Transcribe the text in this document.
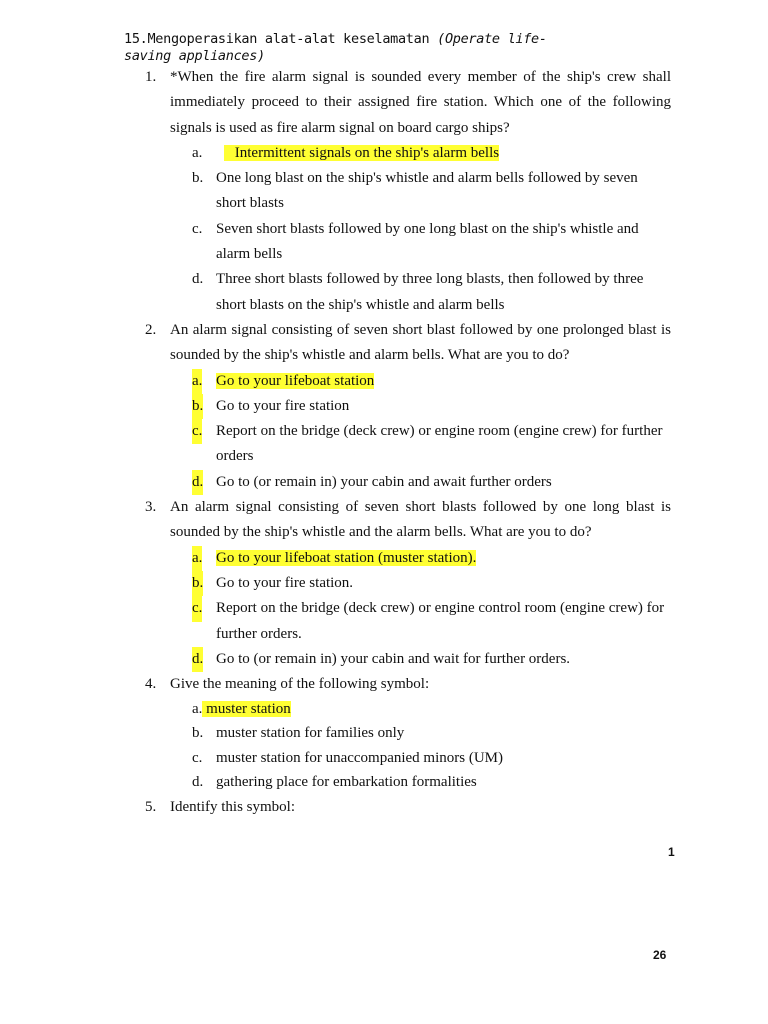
15.Mengoperasikan alat-alat keselamatan (Operate life-saving appliances)
1. *When the fire alarm signal is sounded every member of the ship's crew shall immediately proceed to their assigned fire station. Which one of the following signals is used as fire alarm signal on board cargo ships?
a.	Intermittent signals on the ship's alarm bells
b. One long blast on the ship's whistle and alarm bells followed by seven short blasts
c. Seven short blasts followed by one long blast on the ship's whistle and alarm bells
d. Three short blasts followed by three long blasts, then followed by three short blasts on the ship's whistle and alarm bells
2. An alarm signal consisting of seven short blast followed by one prolonged blast is sounded by the ship's whistle and alarm bells. What are you to do?
a. Go to your lifeboat station
b. Go to your fire station
c. Report on the bridge (deck crew) or engine room (engine crew) for further orders
d. Go to (or remain in) your cabin and await further orders
3. An alarm signal consisting of seven short blasts followed by one long blast is sounded by the ship's whistle and the alarm bells. What are you to do?
a. Go to your lifeboat station (muster station).
b. Go to your fire station.
c. Report on the bridge (deck crew) or engine control room (engine crew) for further orders.
d. Go to (or remain in) your cabin and wait for further orders.
4. Give the meaning of the following symbol:
a. muster station
b. muster station for families only
c. muster station for unaccompanied minors (UM)
d. gathering place for embarkation formalities
5. Identify this symbol:
1
26
